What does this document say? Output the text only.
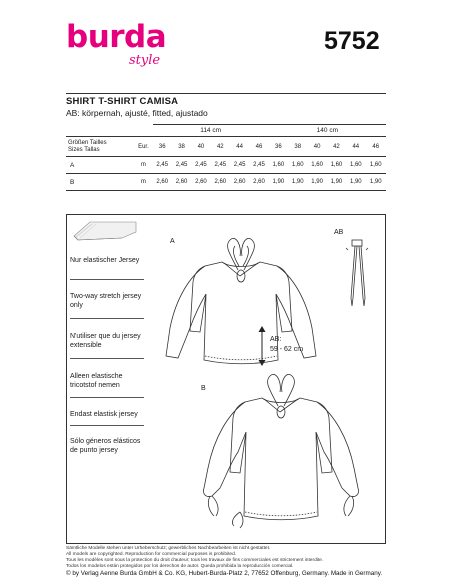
burda
style
5752
SHIRT T-SHIRT CAMISA
AB: körpernah, ajusté, fitted, ajustado
		114 cm						140 cm					

Größen Tailles
Sizes Tallas	Eur.	36	38	40	42	44	46	36	38	40	42	44	46
A	m	2,45	2,45	2,45	2,45	2,45	2,45	1,60	1,60	1,60	1,60	1,60	1,60
B	m	2,60	2,60	2,60	2,60	2,60	2,60	1,90	1,90	1,90	1,90	1,90	1,90

Nur elastischer Jersey
Two-way stretch jersey only
N'utiliser que du jersey extensible
Alleen elastische tricotstof nemen
Endast elastisk jersey
Sólo géneros elásticos de punto jersey
A
B
AB
AB:
59 - 62 cm
Sämtliche Modelle stehen unter Urheberschutz; gewerbliches Nachbearbeiten ist nicht gestattet.
All models are copyrighted. Reproduction for commercial purposes is prohibited.
Tous les modèles sont sous la protection du droit d'auteur; tous les travaux de fins commerciales est strictement interdite.
Todos los modelos están protegidos por los derechos de autor. Queda prohibida la reproducción comercial.
© by Verlag Aenne Burda GmbH & Co. KG, Hubert-Burda-Platz 2, 77652 Offenburg, Germany. Made in Germany.
